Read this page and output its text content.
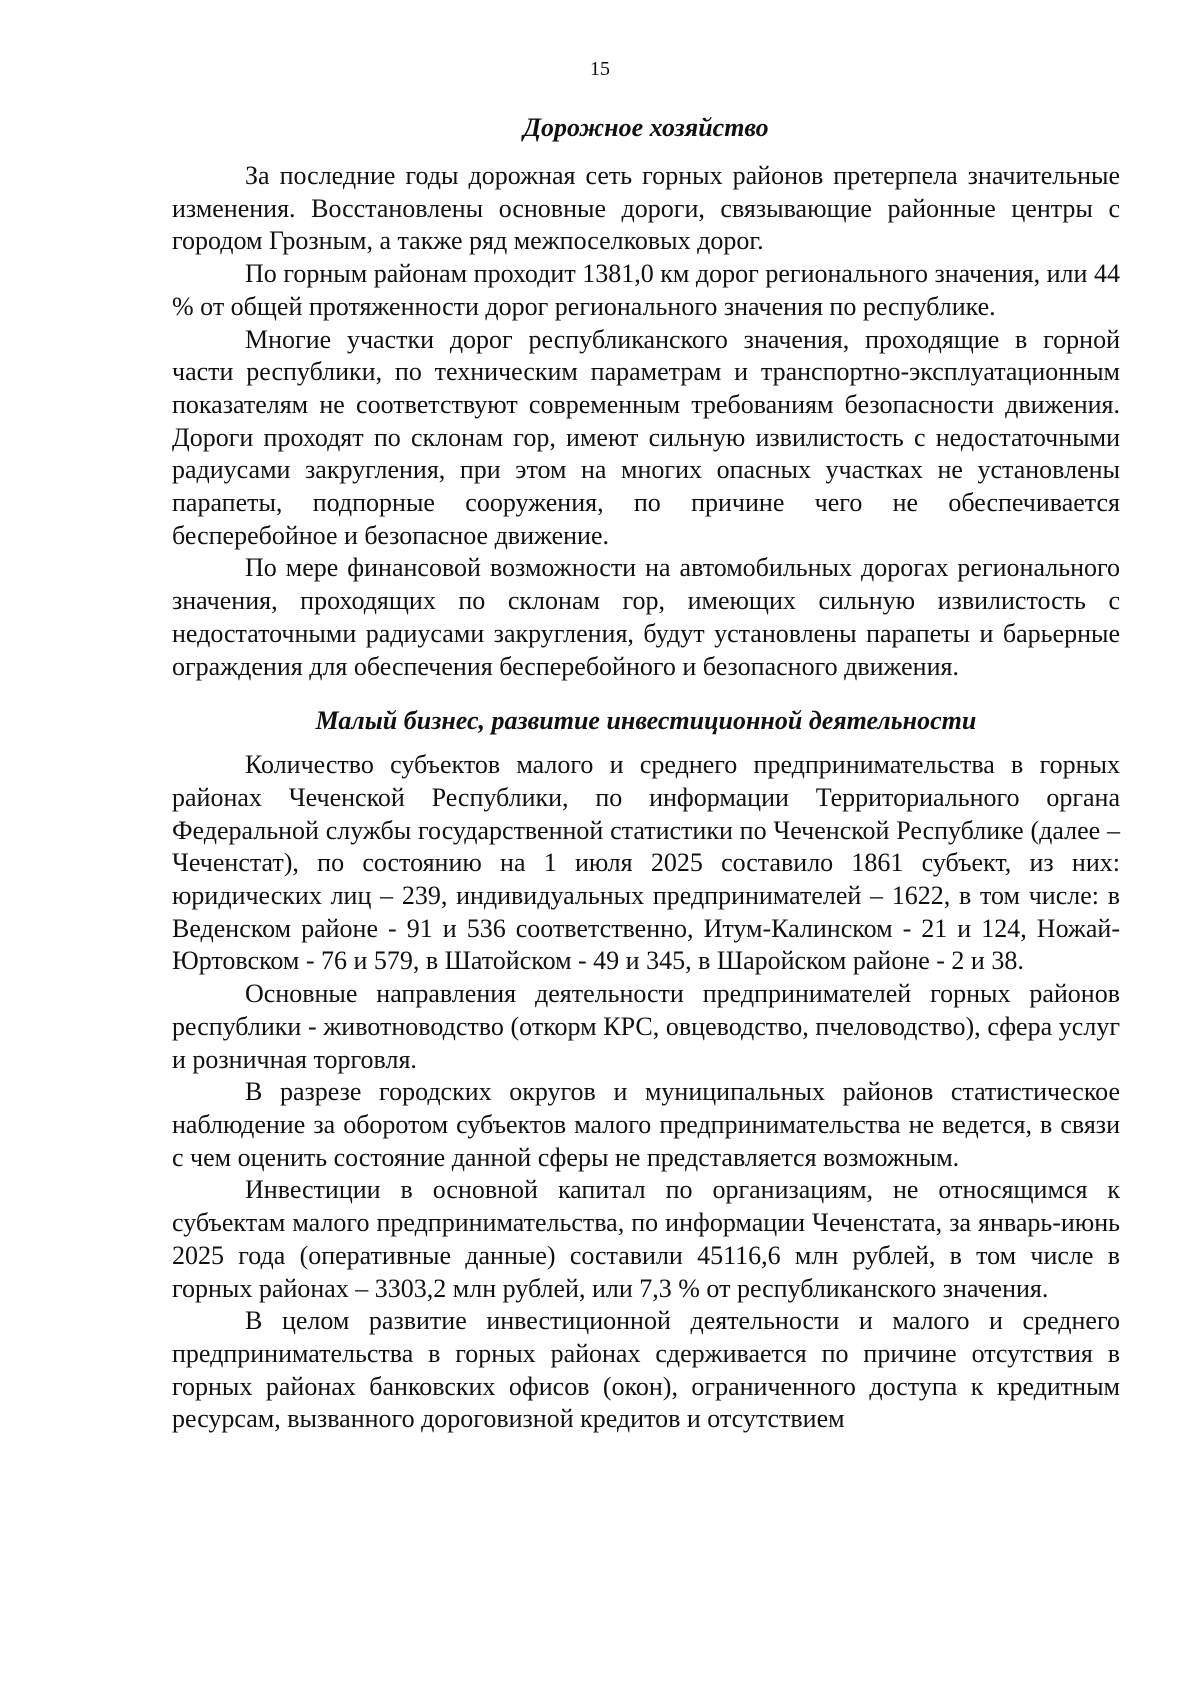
15
Дорожное хозяйство

За последние годы дорожная сеть горных районов претерпела значительные изменения. Восстановлены основные дороги, связывающие районные центры с городом Грозным, а также ряд межпоселковых дорог.

По горным районам проходит 1381,0 км дорог регионального значения, или 44 % от общей протяженности дорог регионального значения по республике.

Многие участки дорог республиканского значения, проходящие в горной части республики, по техническим параметрам и транспортно-эксплуатационным показателям не соответствуют современным требованиям безопасности движения. Дороги проходят по склонам гор, имеют сильную извилистость с недостаточными радиусами закругления, при этом на многих опасных участках не установлены парапеты, подпорные сооружения, по причине чего не обеспечивается бесперебойное и безопасное движение.

По мере финансовой возможности на автомобильных дорогах регионального значения, проходящих по склонам гор, имеющих сильную извилистость с недостаточными радиусами закругления, будут установлены парапеты и барьерные ограждения для обеспечения бесперебойного и безопасного движения.

Малый бизнес, развитие инвестиционной деятельности

Количество субъектов малого и среднего предпринимательства в горных районах Чеченской Республики, по информации Территориального органа Федеральной службы государственной статистики по Чеченской Республике (далее – Чеченстат), по состоянию на 1 июля 2025 составило 1861 субъект, из них: юридических лиц – 239, индивидуальных предпринимателей – 1622, в том числе: в Веденском районе - 91 и 536 соответственно, Итум-Калинском - 21 и 124, Ножай-Юртовском - 76 и 579, в Шатойском - 49 и 345, в Шаройском районе - 2 и 38.

Основные направления деятельности предпринимателей горных районов республики - животноводство (откорм КРС, овцеводство, пчеловодство), сфера услуг и розничная торговля.

В разрезе городских округов и муниципальных районов статистическое наблюдение за оборотом субъектов малого предпринимательства не ведется, в связи с чем оценить состояние данной сферы не представляется возможным.

Инвестиции в основной капитал по организациям, не относящимся к субъектам малого предпринимательства, по информации Чеченстата, за январь-июнь 2025 года (оперативные данные) составили 45116,6 млн рублей, в том числе в горных районах – 3303,2 млн рублей, или 7,3 % от республиканского значения.

В целом развитие инвестиционной деятельности и малого и среднего предпринимательства в горных районах сдерживается по причине отсутствия в горных районах банковских офисов (окон), ограниченного доступа к кредитным ресурсам, вызванного дороговизной кредитов и отсутствием
